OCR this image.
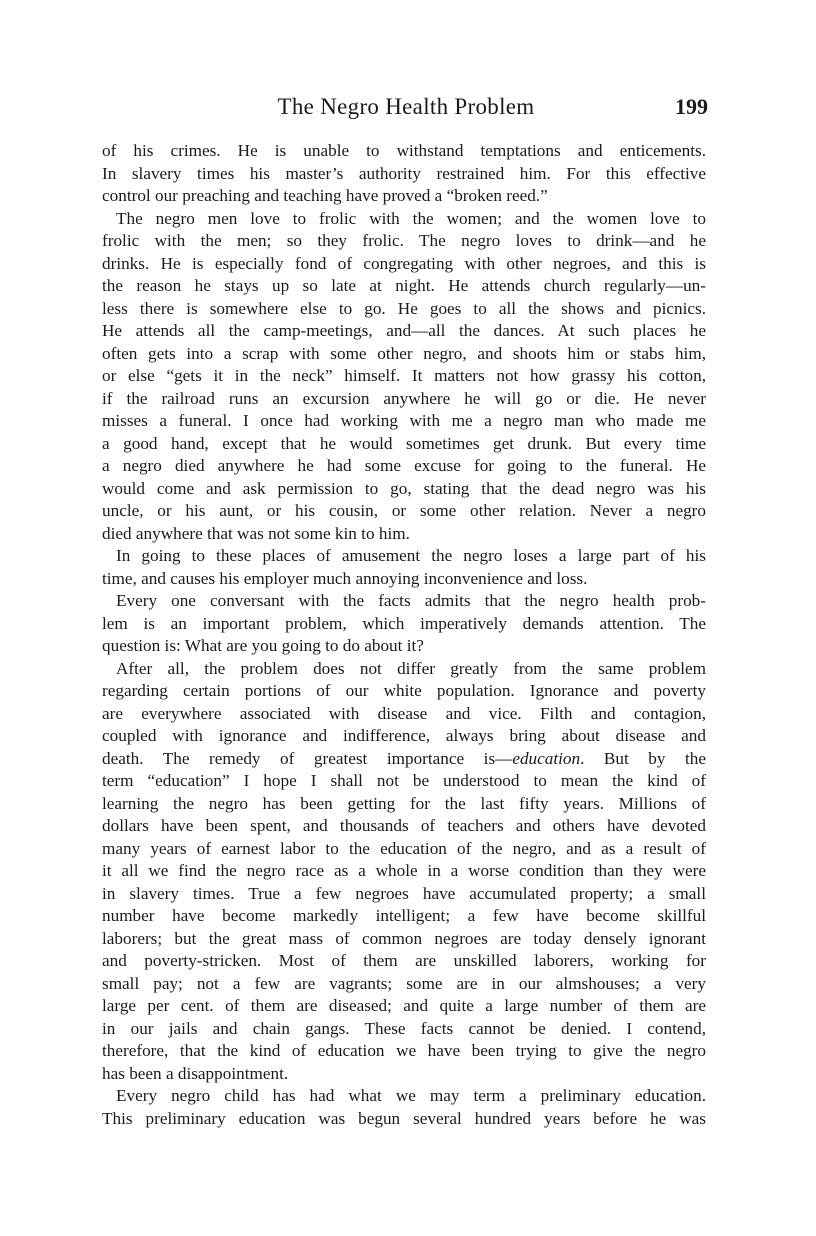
The Negro Health Problem	199
of his crimes. He is unable to withstand temptations and enticements.
In slavery times his master’s authority restrained him. For this effective
control our preaching and teaching have proved a “broken reed.”
The negro men love to frolic with the women; and the women love to
frolic with the men; so they frolic. The negro loves to drink—and he
drinks. He is especially fond of congregating with other negroes, and this is
the reason he stays up so late at night. He attends church regularly—un-
less there is somewhere else to go. He goes to all the shows and picnics.
He attends all the camp-meetings, and—all the dances. At such places he
often gets into a scrap with some other negro, and shoots him or stabs him,
or else “gets it in the neck” himself. It matters not how grassy his cotton,
if the railroad runs an excursion anywhere he will go or die. He never
misses a funeral. I once had working with me a negro man who made me
a good hand, except that he would sometimes get drunk. But every time
a negro died anywhere he had some excuse for going to the funeral. He
would come and ask permission to go, stating that the dead negro was his
uncle, or his aunt, or his cousin, or some other relation. Never a negro
died anywhere that was not some kin to him.
In going to these places of amusement the negro loses a large part of his
time, and causes his employer much annoying inconvenience and loss.
Every one conversant with the facts admits that the negro health prob-
lem is an important problem, which imperatively demands attention. The
question is: What are you going to do about it?
After all, the problem does not differ greatly from the same problem
regarding certain portions of our white population. Ignorance and poverty
are everywhere associated with disease and vice. Filth and contagion,
coupled with ignorance and indifference, always bring about disease and
death. The remedy of greatest importance is—education. But by the
term “education” I hope I shall not be understood to mean the kind of
learning the negro has been getting for the last fifty years. Millions of
dollars have been spent, and thousands of teachers and others have devoted
many years of earnest labor to the education of the negro, and as a result of
it all we find the negro race as a whole in a worse condition than they were
in slavery times. True a few negroes have accumulated property; a small
number have become markedly intelligent; a few have become skillful
laborers; but the great mass of common negroes are today densely ignorant
and poverty-stricken. Most of them are unskilled laborers, working for
small pay; not a few are vagrants; some are in our almshouses; a very
large per cent. of them are diseased; and quite a large number of them are
in our jails and chain gangs. These facts cannot be denied. I contend,
therefore, that the kind of education we have been trying to give the negro
has been a disappointment.
Every negro child has had what we may term a preliminary education.
This preliminary education was begun several hundred years before he was
